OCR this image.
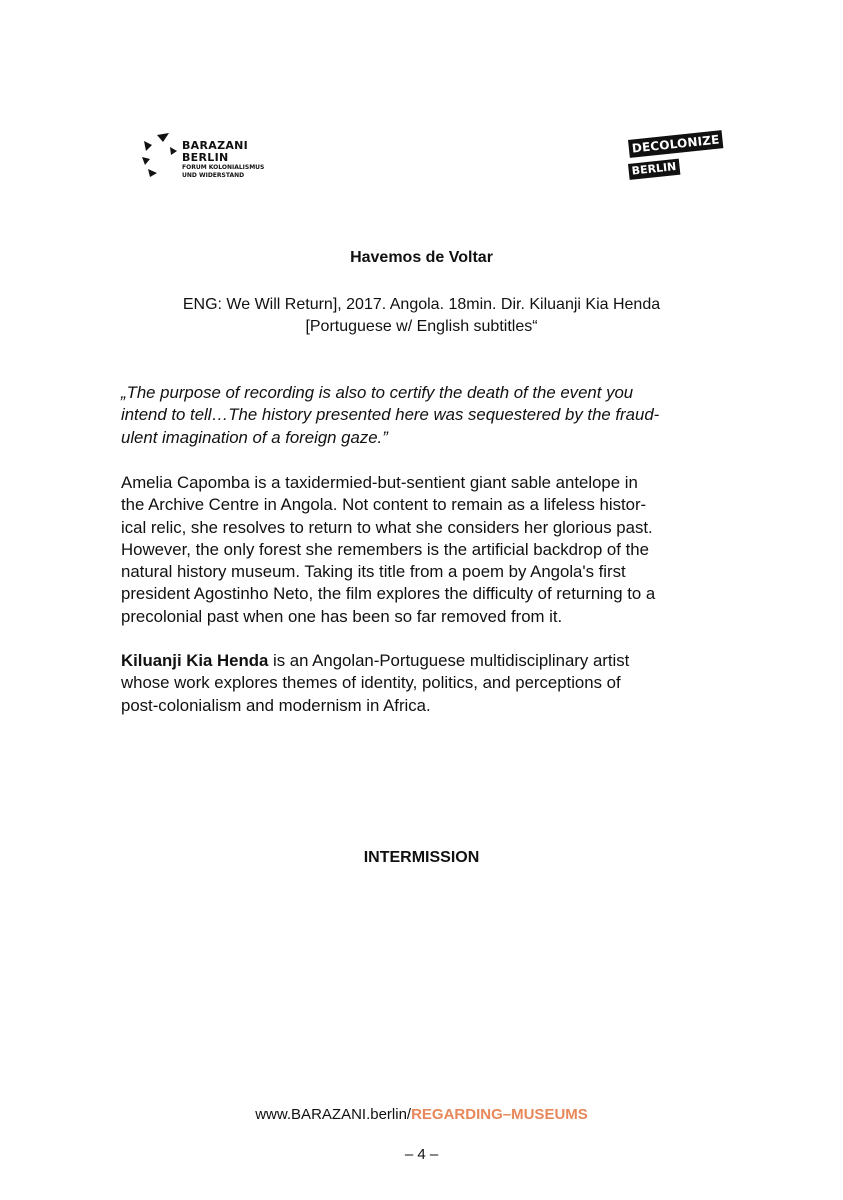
BARAZANI
BERLIN
FORUM KOLONIALISMUS
UND WIDERSTAND
DECOLONIZE
BERLIN
Havemos de Voltar
ENG: We Will Return], 2017. Angola. 18min. Dir. Kiluanji Kia Henda
[Portuguese w/ English subtitles“
„The purpose of recording is also to certify the death of the event you
intend to tell…The history presented here was sequestered by the fraud-
ulent imagination of a foreign gaze.”
Amelia Capomba is a taxidermied-but-sentient giant sable antelope in
the Archive Centre in Angola. Not content to remain as a lifeless histor-
ical relic, she resolves to return to what she considers her glorious past.
However, the only forest she remembers is the artificial backdrop of the
natural history museum. Taking its title from a poem by Angola's first
president Agostinho Neto, the film explores the difficulty of returning to a
precolonial past when one has been so far removed from it.
Kiluanji Kia Henda is an Angolan-Portuguese multidisciplinary artist
whose work explores themes of identity, politics, and perceptions of
post-colonialism and modernism in Africa.
INTERMISSION
www.BARAZANI.berlin/REGARDING–MUSEUMS
– 4 –
